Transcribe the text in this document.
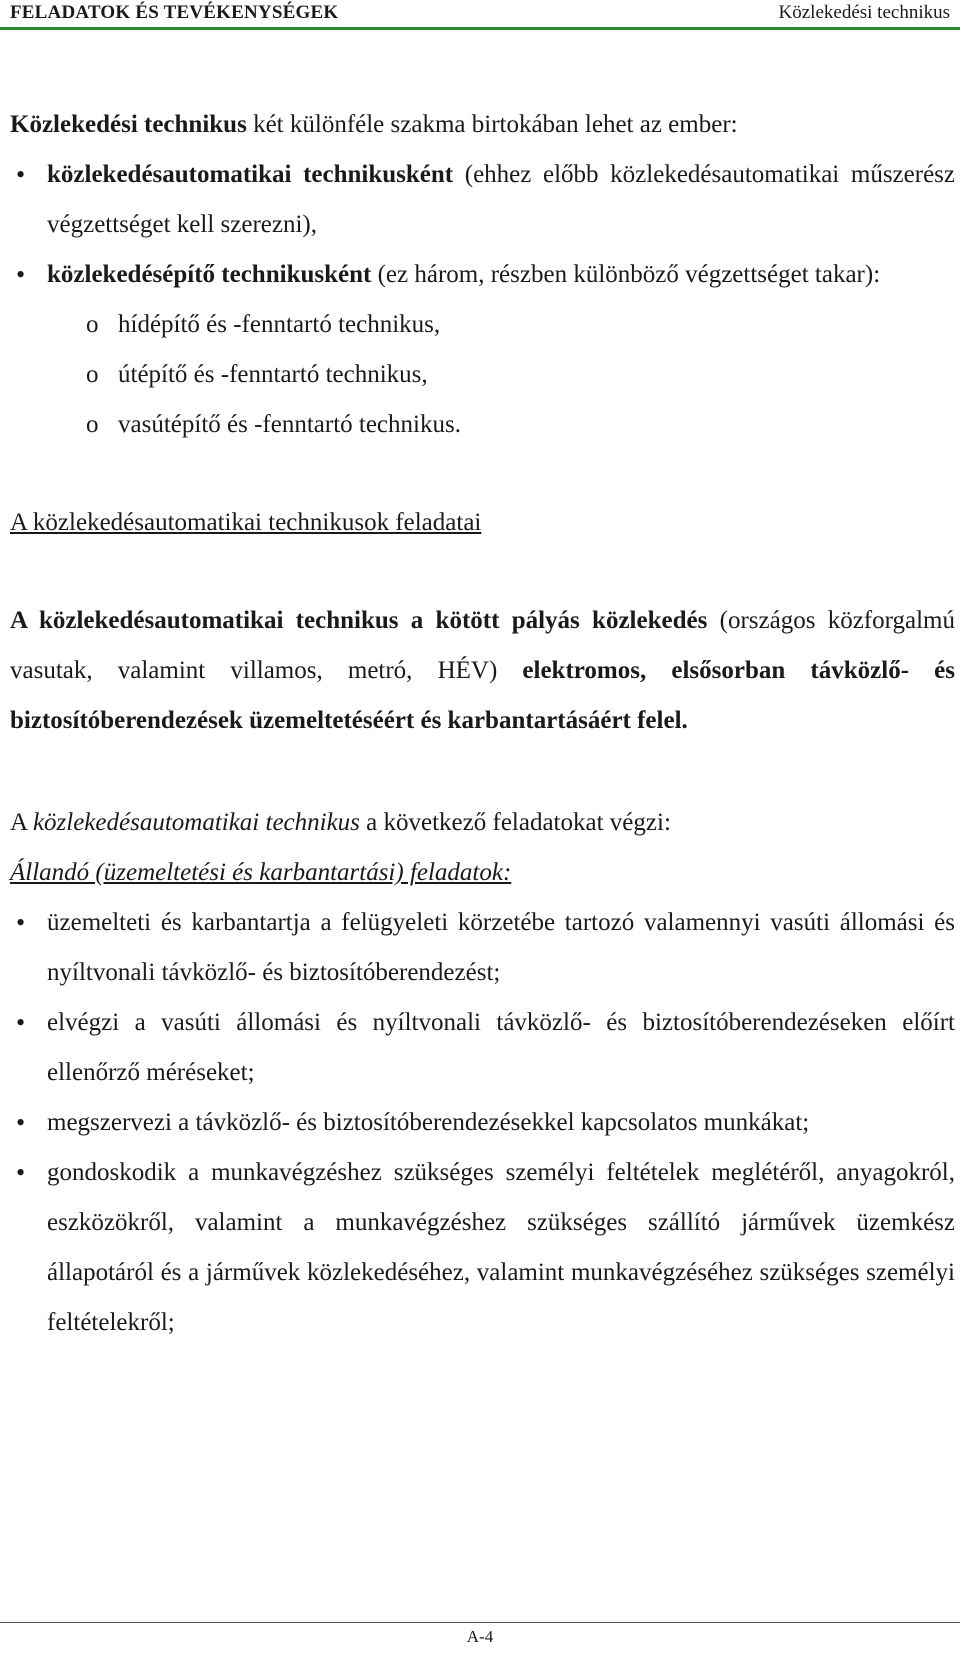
FELADATOK ÉS TEVÉKENYSÉGEK	Közlekedési technikus

Közlekedési technikus két különféle szakma birtokában lehet az ember:

• közlekedésautomatikai technikusként (ehhez előbb közlekedésautomatikai műszerész végzettséget kell szerezni),
• közlekedésépítő technikusként (ez három, részben különböző végzettséget takar):
o hídépítő és -fenntartó technikus,
o útépítő és -fenntartó technikus,
o vasútépítő és -fenntartó technikus.

A közlekedésautomatikai technikusok feladatai

A közlekedésautomatikai technikus a kötött pályás közlekedés (országos közforgalmú vasutak, valamint villamos, metró, HÉV) elektromos, elsősorban távközlő- és biztosítóberendezések üzemeltetéséért és karbantartásáért felel.

A közlekedésautomatikai technikus a következő feladatokat végzi:

Állandó (üzemeltetési és karbantartási) feladatok:

• üzemelteti és karbantartja a felügyeleti körzetébe tartozó valamennyi vasúti állomási és nyíltvonali távközlő- és biztosítóberendezést;
• elvégzi a vasúti állomási és nyíltvonali távközlő- és biztosítóberendezéseken előírt ellenőrző méréseket;
• megszervezi a távközlő- és biztosítóberendezésekkel kapcsolatos munkákat;
• gondoskodik a munkavégzéshez szükséges személyi feltételek meglétéről, anyagokról, eszközökről, valamint a munkavégzéshez szükséges szállító járművek üzemkész állapotáról és a járművek közlekedéséhez, valamint munkavégzéséhez szükséges személyi feltételekről;
A-4
